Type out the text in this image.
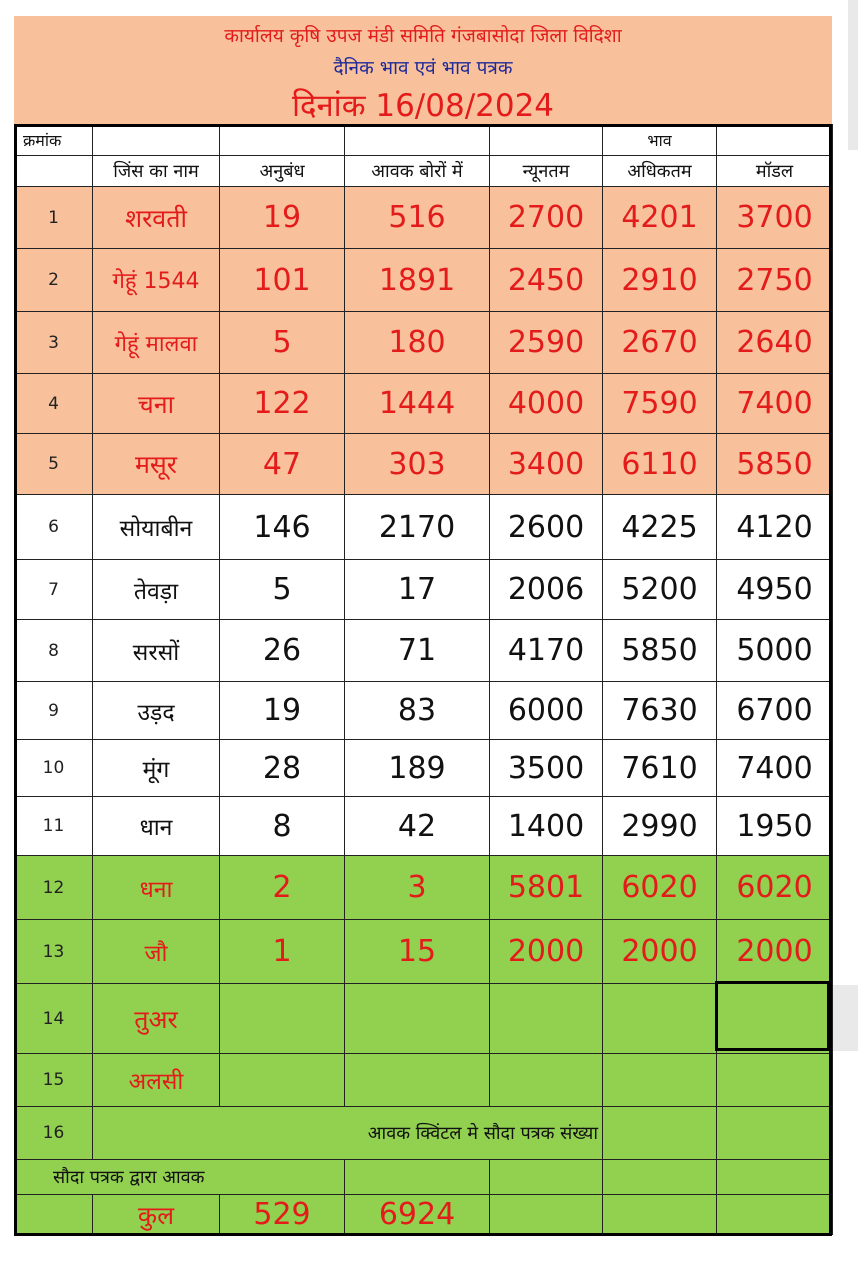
कार्यालय कृषि उपज मंडी समिति गंजबासोदा जिला विदिशा
दैनिक भाव एवं भाव पत्रक
दिनांक 16/08/2024
क्रमांक					भाव	
	जिंस का नाम	अनुबंध	आवक बोरों में	न्यूनतम	अधिकतम	मॉडल
1	शरवती	19	516	2700	4201	3700
2	गेहूं 1544	101	1891	2450	2910	2750
3	गेहूं मालवा	5	180	2590	2670	2640
4	चना	122	1444	4000	7590	7400
5	मसूर	47	303	3400	6110	5850
6	सोयाबीन	146	2170	2600	4225	4120
7	तेवड़ा	5	17	2006	5200	4950
8	सरसों	26	71	4170	5850	5000
9	उड़द	19	83	6000	7630	6700
10	मूंग	28	189	3500	7610	7400
11	धान	8	42	1400	2990	1950
12	धना	2	3	5801	6020	6020
13	जौ	1	15	2000	2000	2000
14	तुअर					
15	अलसी					
16	आवक क्विंटल मे सौदा पत्रक संख्या					
सौदा पत्रक द्वारा आवक						
	कुल	529	6924			
